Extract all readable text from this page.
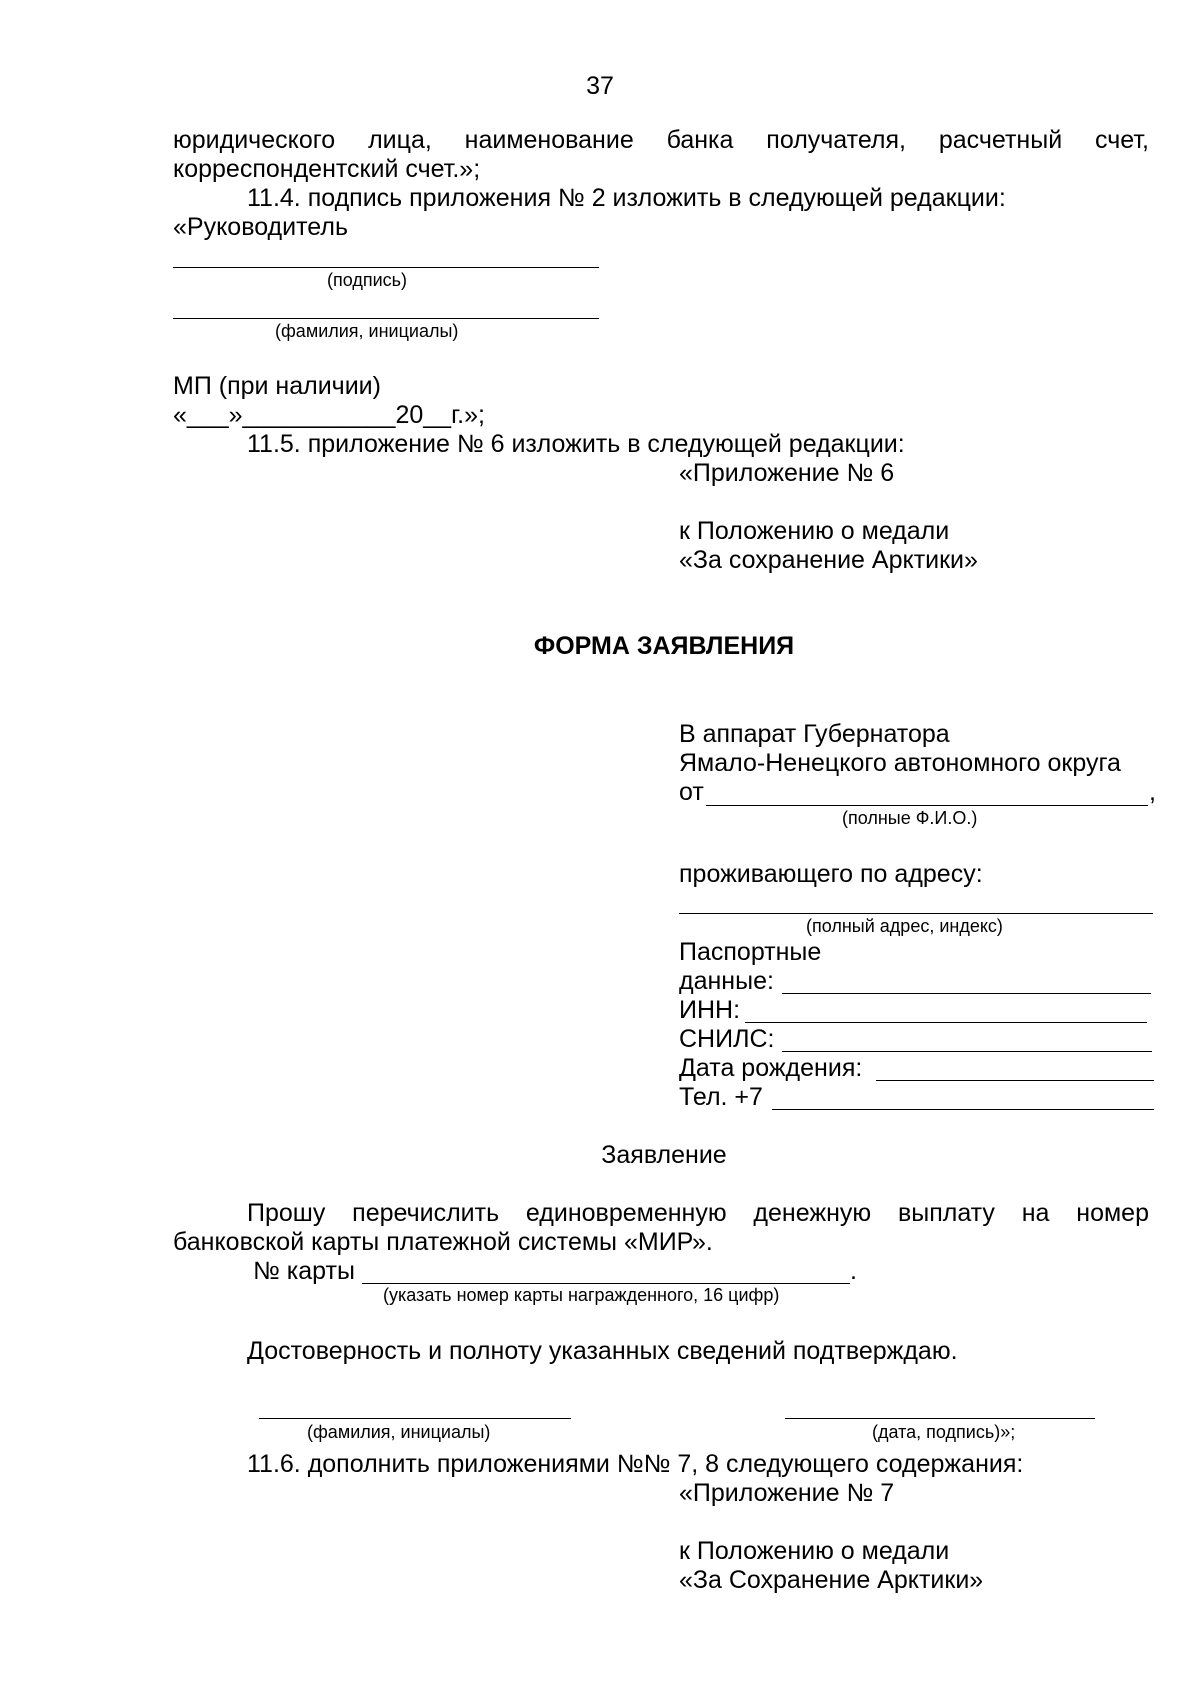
37
юридического лица, наименование банка получателя, расчетный счет,
корреспондентский счет.»;
11.4. подпись приложения № 2 изложить в следующей редакции:
«Руководитель
(подпись)
(фамилия, инициалы)
МП (при наличии)
«___»___________20__г.»;
11.5. приложение № 6 изложить в следующей редакции:
«Приложение № 6
к Положению о медали
«За сохранение Арктики»
ФОРМА ЗАЯВЛЕНИЯ
В аппарат Губернатора
Ямало-Ненецкого автономного округа
от	,
(полные Ф.И.О.)
проживающего по адресу:
(полный адрес, индекс)
Паспортные
данные:
ИНН:
СНИЛС:
Дата рождения:
Тел. +7
Заявление
Прошу перечислить единовременную денежную выплату на номер
банковской карты платежной системы «МИР».
№ карты	.
(указать номер карты награжденного, 16 цифр)
Достоверность и полноту указанных сведений подтверждаю.
(фамилия, инициалы)	(дата, подпись)»;
11.6. дополнить приложениями №№ 7, 8 следующего содержания:
«Приложение № 7
к Положению о медали
«За Сохранение Арктики»
